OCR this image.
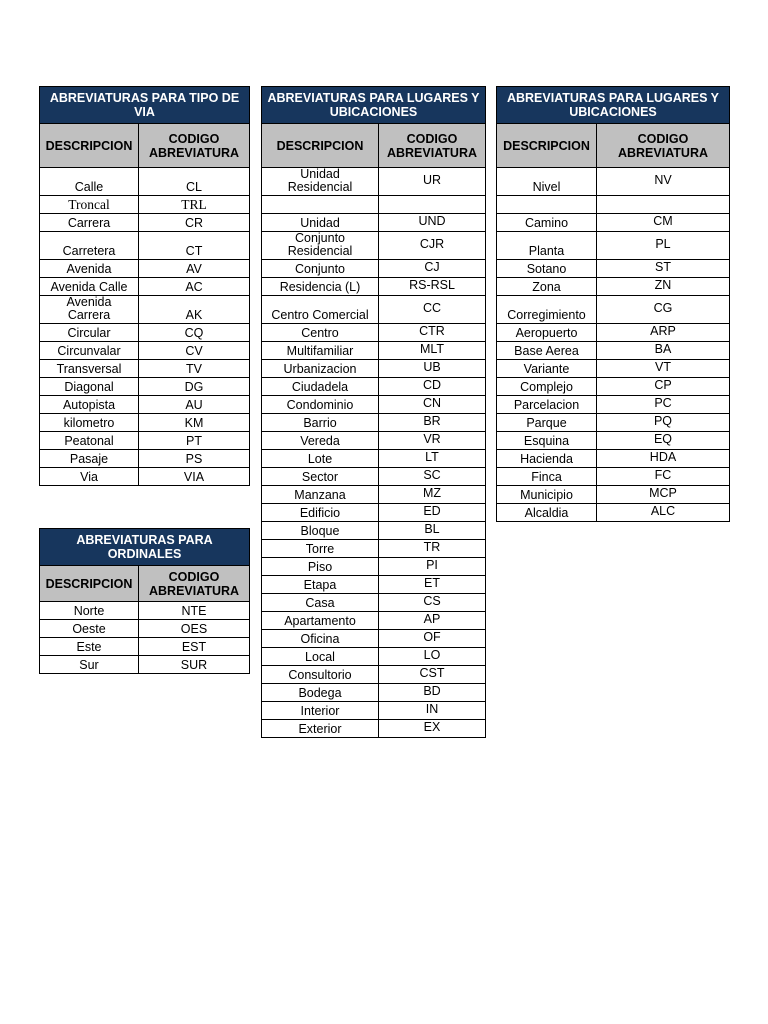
ABREVIATURAS PARA TIPO DE VIA	
DESCRIPCION	CODIGO ABREVIATURA
Calle	CL
Troncal	TRL
Carrera	CR
Carretera	CT
Avenida	AV
Avenida Calle	AC
Avenida Carrera	AK
Circular	CQ
Circunvalar	CV
Transversal	TV
Diagonal	DG
Autopista	AU
kilometro	KM
Peatonal	PT
Pasaje	PS
Via	VIA
ABREVIATURAS PARA ORDINALES	
DESCRIPCION	CODIGO ABREVIATURA
Norte	NTE
Oeste	OES
Este	EST
Sur	SUR
ABREVIATURAS PARA LUGARES Y UBICACIONES	
DESCRIPCION	CODIGO ABREVIATURA
Unidad Residencial	UR

Unidad	UND
Conjunto Residencial	CJR
Conjunto	CJ
Residencia (L)	RS-RSL
Centro Comercial	CC
Centro	CTR
Multifamiliar	MLT
Urbanizacion	UB
Ciudadela	CD
Condominio	CN
Barrio	BR
Vereda	VR
Lote	LT
Sector	SC
Manzana	MZ
Edificio	ED
Bloque	BL
Torre	TR
Piso	PI
Etapa	ET
Casa	CS
Apartamento	AP
Oficina	OF
Local	LO
Consultorio	CST
Bodega	BD
Interior	IN
Exterior	EX
ABREVIATURAS PARA LUGARES Y UBICACIONES	
DESCRIPCION	CODIGO ABREVIATURA
Nivel	NV

Camino	CM
Planta	PL
Sotano	ST
Zona	ZN
Corregimiento	CG
Aeropuerto	ARP
Base Aerea	BA
Variante	VT
Complejo	CP
Parcelacion	PC
Parque	PQ
Esquina	EQ
Hacienda	HDA
Finca	FC
Municipio	MCP
Alcaldia	ALC
